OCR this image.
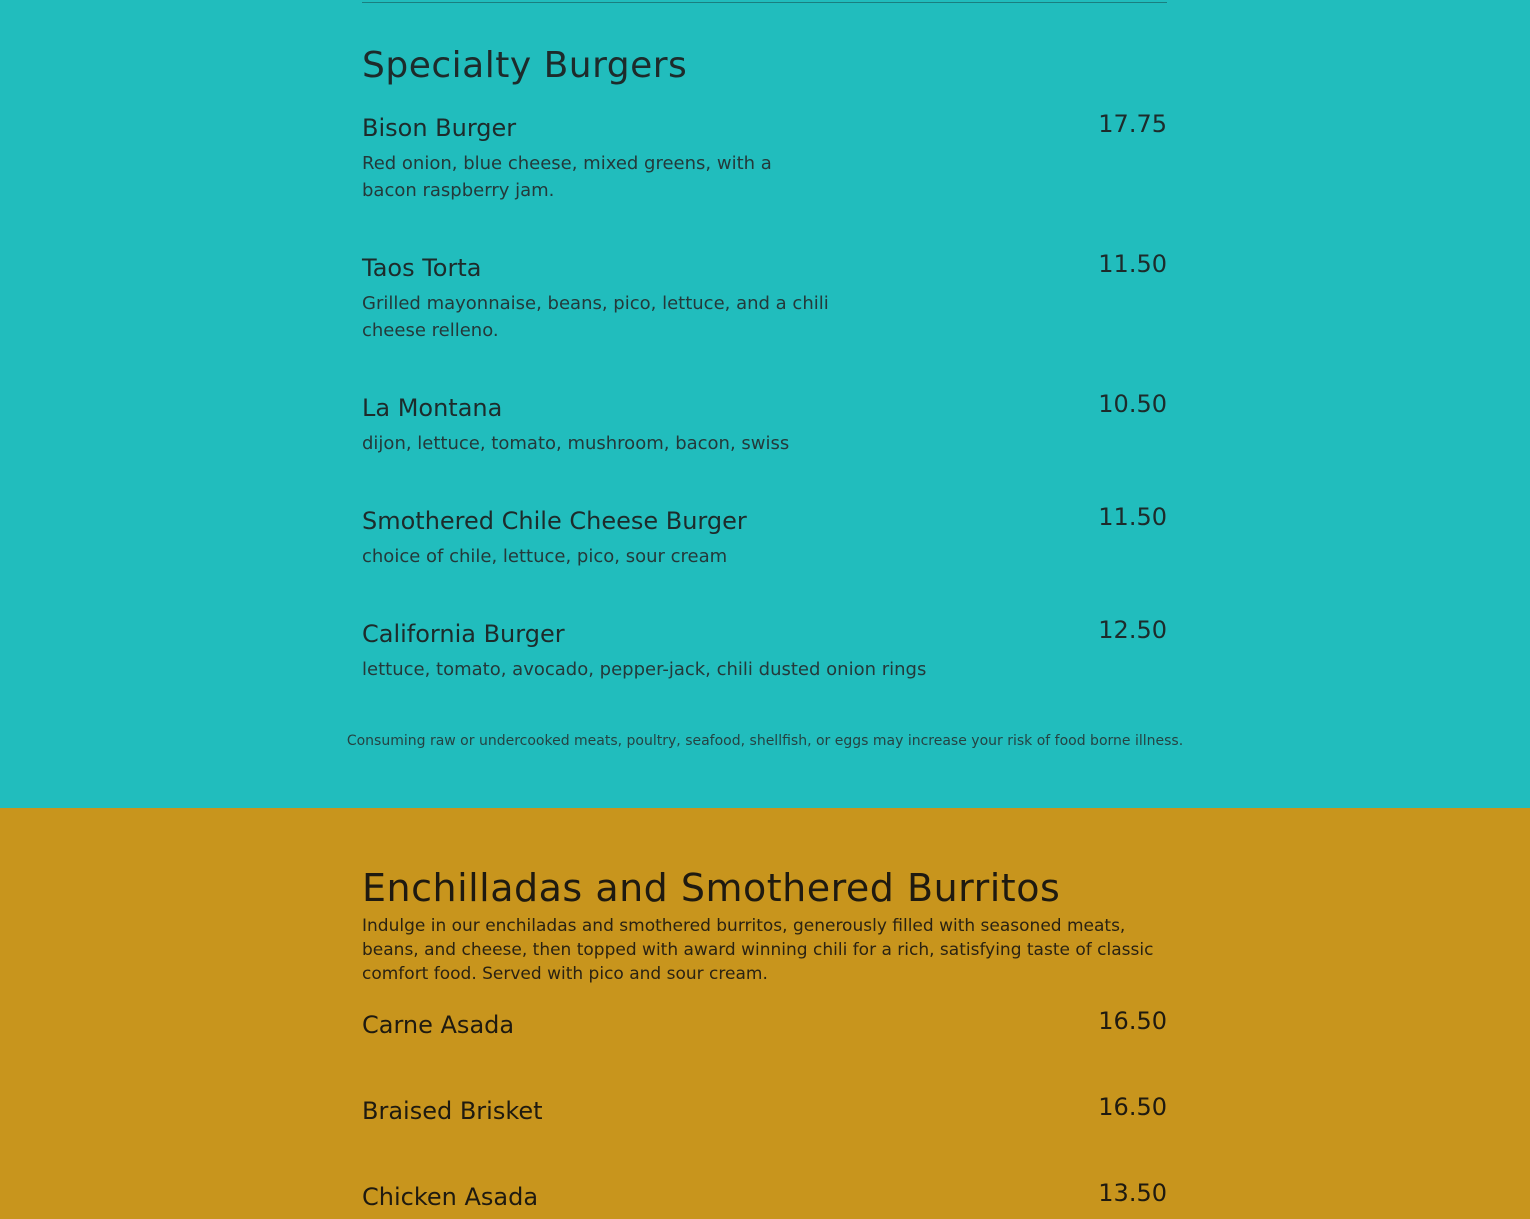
Specialty Burgers
Bison Burger	17.75
Red onion, blue cheese, mixed greens, with a bacon raspberry jam.
Taos Torta	11.50
Grilled mayonnaise, beans, pico, lettuce, and a chili cheese relleno.
La Montana	10.50
dijon, lettuce, tomato, mushroom, bacon, swiss
Smothered Chile Cheese Burger	11.50
choice of chile, lettuce, pico, sour cream
California Burger	12.50
lettuce, tomato, avocado, pepper-jack, chili dusted onion rings
Consuming raw or undercooked meats, poultry, seafood, shellfish, or eggs may increase your risk of food borne illness.
Enchilladas and Smothered Burritos

Indulge in our enchiladas and smothered burritos, generously filled with seasoned meats, beans, and cheese, then topped with award winning chili for a rich, satisfying taste of classic comfort food. Served with pico and sour cream.

Carne Asada	16.50
Braised Brisket	16.50
Chicken Asada	13.50
